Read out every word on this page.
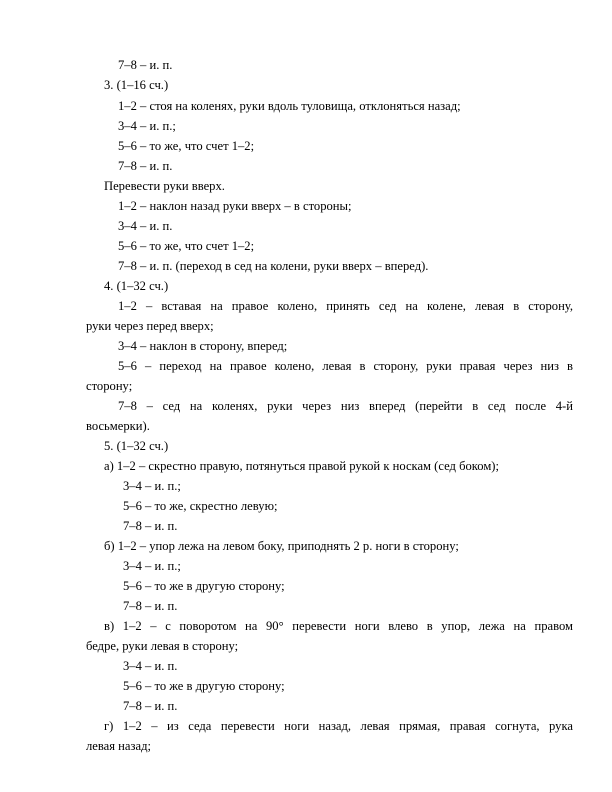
7–8 – и. п.
3. (1–16 сч.)
1–2 – стоя на коленях, руки вдоль туловища, отклоняться назад;
3–4 – и. п.;
5–6 – то же, что счет 1–2;
7–8 – и. п.
Перевести руки вверх.
1–2 – наклон назад руки вверх – в стороны;
3–4 – и. п.
5–6 – то же, что счет 1–2;
7–8 – и. п. (переход в сед на колени, руки вверх – вперед).
4. (1–32 сч.)
1–2 – вставая на правое колено, принять сед на колене, левая в сторону,
руки через перед вверх;
3–4 – наклон в сторону, вперед;
5–6 – переход на правое колено, левая в сторону, руки правая через низ в
сторону;
7–8 – сед на коленях, руки через низ вперед (перейти в сед после 4-й
восьмерки).
5. (1–32 сч.)
а) 1–2 – скрестно правую, потянуться правой рукой к носкам (сед боком);
3–4 – и. п.;
5–6 – то же, скрестно левую;
7–8 – и. п.
б) 1–2 – упор лежа на левом боку, приподнять 2 р. ноги в сторону;
3–4 – и. п.;
5–6 – то же в другую сторону;
7–8 – и. п.
в) 1–2 – с поворотом на 90° перевести ноги влево в упор, лежа на правом
бедре, руки левая в сторону;
3–4 – и. п.
5–6 – то же в другую сторону;
7–8 – и. п.
г) 1–2 – из седа перевести ноги назад, левая прямая, правая согнута, рука
левая назад;
